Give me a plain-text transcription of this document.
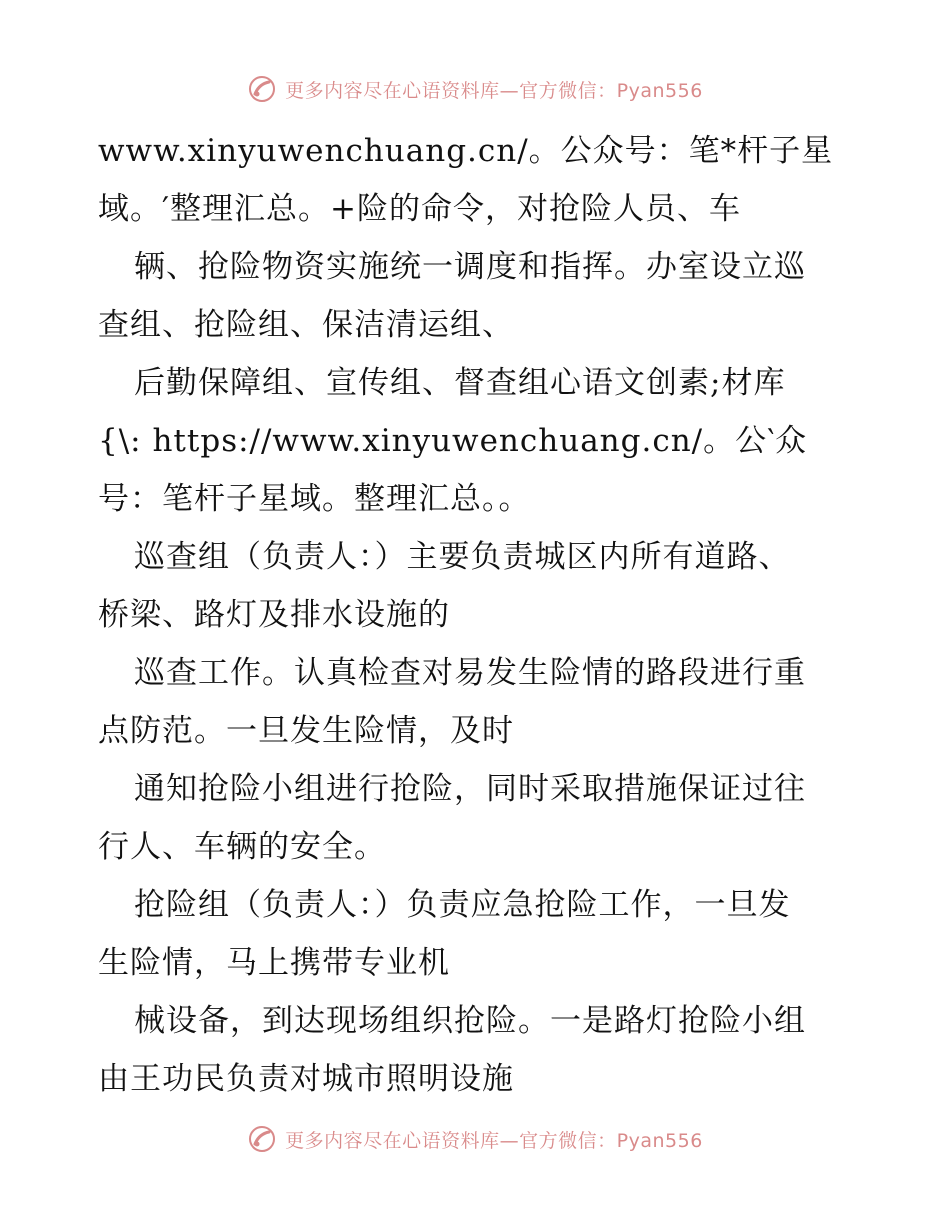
更多内容尽在心语资料库—官方微信：Pyan556
www.xinyuwenchuang.cn/。公众号：笔*杆子星
域。′整理汇总。+险的命令，对抢险人员、车
辆、抢险物资实施统一调度和指挥。办室设立巡
查组、抢险组、保洁清运组、
后勤保障组、宣传组、督查组心语文创素;材库
{\: https://www.xinyuwenchuang.cn/。公‵众
号：笔杆子星域。整理汇总。。
巡查组（负责人：）主要负责城区内所有道路、
桥梁、路灯及排水设施的
巡查工作。认真检查对易发生险情的路段进行重
点防范。一旦发生险情，及时
通知抢险小组进行抢险，同时采取措施保证过往
行人、车辆的安全。
抢险组（负责人：）负责应急抢险工作，一旦发
生险情，马上携带专业机
械设备，到达现场组织抢险。一是路灯抢险小组
由王功民负责对城市照明设施
更多内容尽在心语资料库—官方微信：Pyan556
